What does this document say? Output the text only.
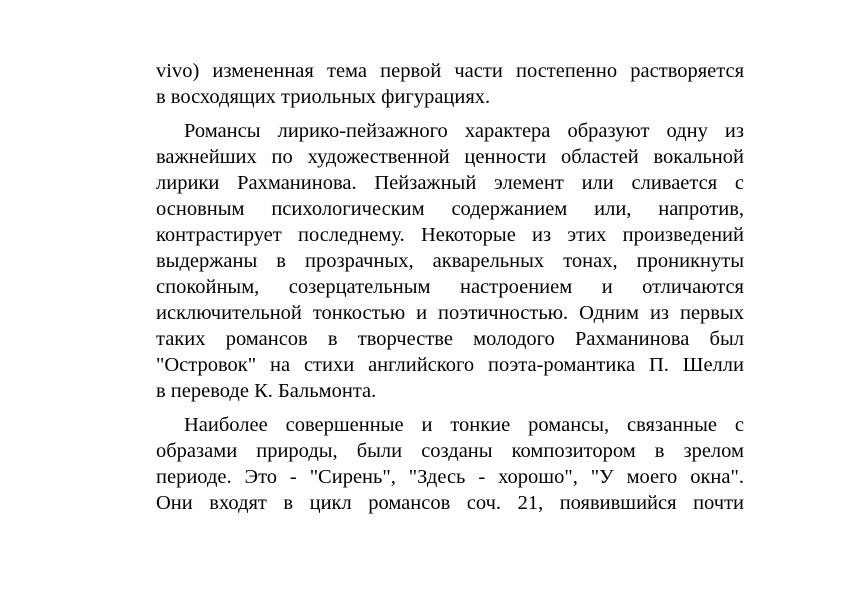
vivo) измененная тема первой части постепенно растворяется
в восходящих триольных фигурациях.
Романсы лирико-пейзажного характера образуют одну из
важнейших по художественной ценности областей вокальной
лирики Рахманинова. Пейзажный элемент или сливается с
основным психологическим содержанием или, напротив,
контрастирует последнему. Некоторые из этих произведений
выдержаны в прозрачных, акварельных тонах, проникнуты
спокойным, созерцательным настроением и отличаются
исключительной тонкостью и поэтичностью. Одним из первых
таких романсов в творчестве молодого Рахманинова был
"Островок" на стихи английского поэта-романтика П. Шелли
в переводе К. Бальмонта.
Наиболее совершенные и тонкие романсы, связанные с
образами природы, были созданы композитором в зрелом
периоде. Это - "Сирень", "Здесь - хорошо", "У моего окна".
Они входят в цикл романсов соч. 21, появившийся почти
